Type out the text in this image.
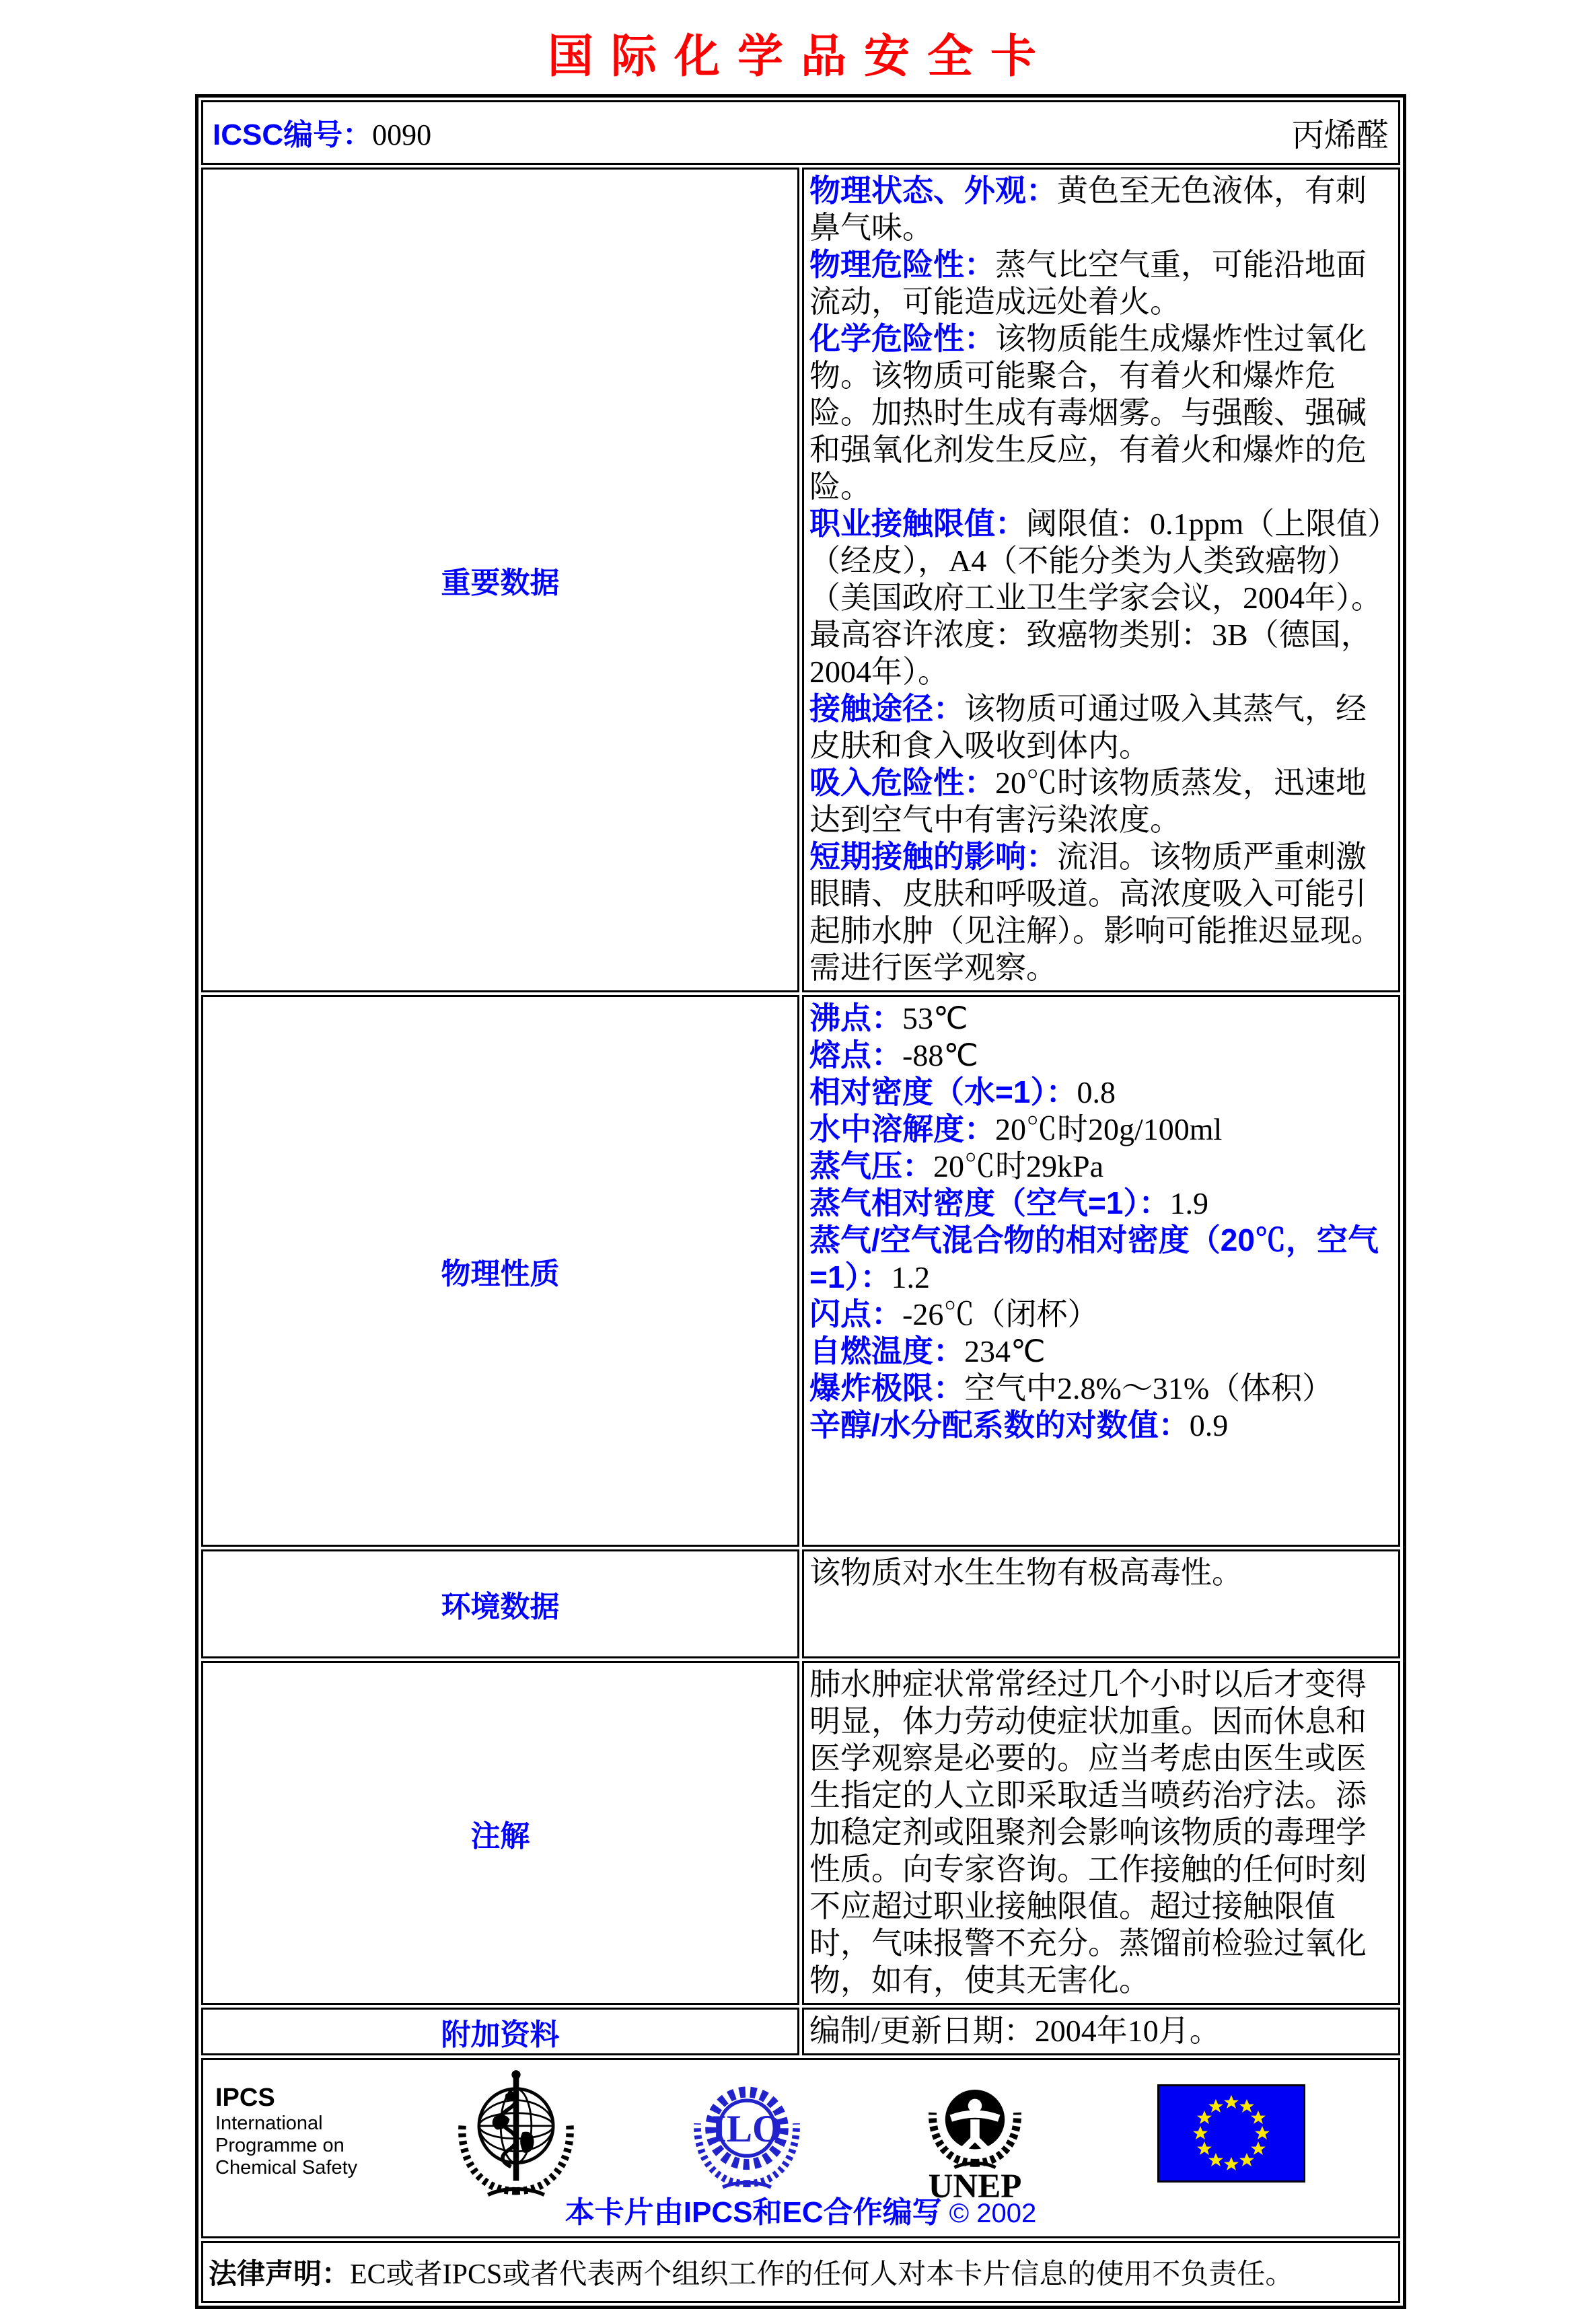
国际化学品安全卡
ICSC编号：0090 丙烯醛	

重要数据	
物理状态、外观：黄色至无色液体，有刺鼻气味。
物理危险性：蒸气比空气重，可能沿地面流动，可能造成远处着火。
化学危险性：该物质能生成爆炸性过氧化物。该物质可能聚合，有着火和爆炸危险。加热时生成有毒烟雾。与强酸、强碱和强氧化剂发生反应，有着火和爆炸的危险。
职业接触限值：阈限值：0.1ppm（上限值）（经皮），A4（不能分类为人类致癌物）（美国政府工业卫生学家会议，2004年）。最高容许浓度：致癌物类别：3B（德国，2004年）。
接触途径：该物质可通过吸入其蒸气，经皮肤和食入吸收到体内。
吸入危险性：20℃时该物质蒸发，迅速地达到空气中有害污染浓度。
短期接触的影响：流泪。该物质严重刺激眼睛、皮肤和呼吸道。高浓度吸入可能引起肺水肿（见注解）。影响可能推迟显现。需进行医学观察。

物理性质	
沸点：53℃
熔点：-88℃
相对密度（水=1）：0.8
水中溶解度：20℃时20g/100ml
蒸气压：20℃时29kPa
蒸气相对密度（空气=1）：1.9
蒸气/空气混合物的相对密度（20℃，空气=1）：1.2
闪点：-26℃（闭杯）
自燃温度：234℃
爆炸极限：空气中2.8%～31%（体积）
辛醇/水分配系数的对数值：0.9

环境数据	该物质对水生生物有极高毒性。
注解	肺水肿症状常常经过几个小时以后才变得明显，体力劳动使症状加重。因而休息和医学观察是必要的。应当考虑由医生或医生指定的人立即采取适当喷药治疗法。添加稳定剂或阻聚剂会影响该物质的毒理学性质。向专家咨询。工作接触的任何时刻不应超过职业接触限值。超过接触限值时，气味报警不充分。蒸馏前检验过氧化物，如有，使其无害化。
附加资料	编制/更新日期：2004年10月。

IPCS
International
Programme on
Chemical Safety
ILO
UNEP
本卡片由IPCS和EC合作编写 © 2002

法律声明：EC或者IPCS或者代表两个组织工作的任何人对本卡片信息的使用不负责任。	
